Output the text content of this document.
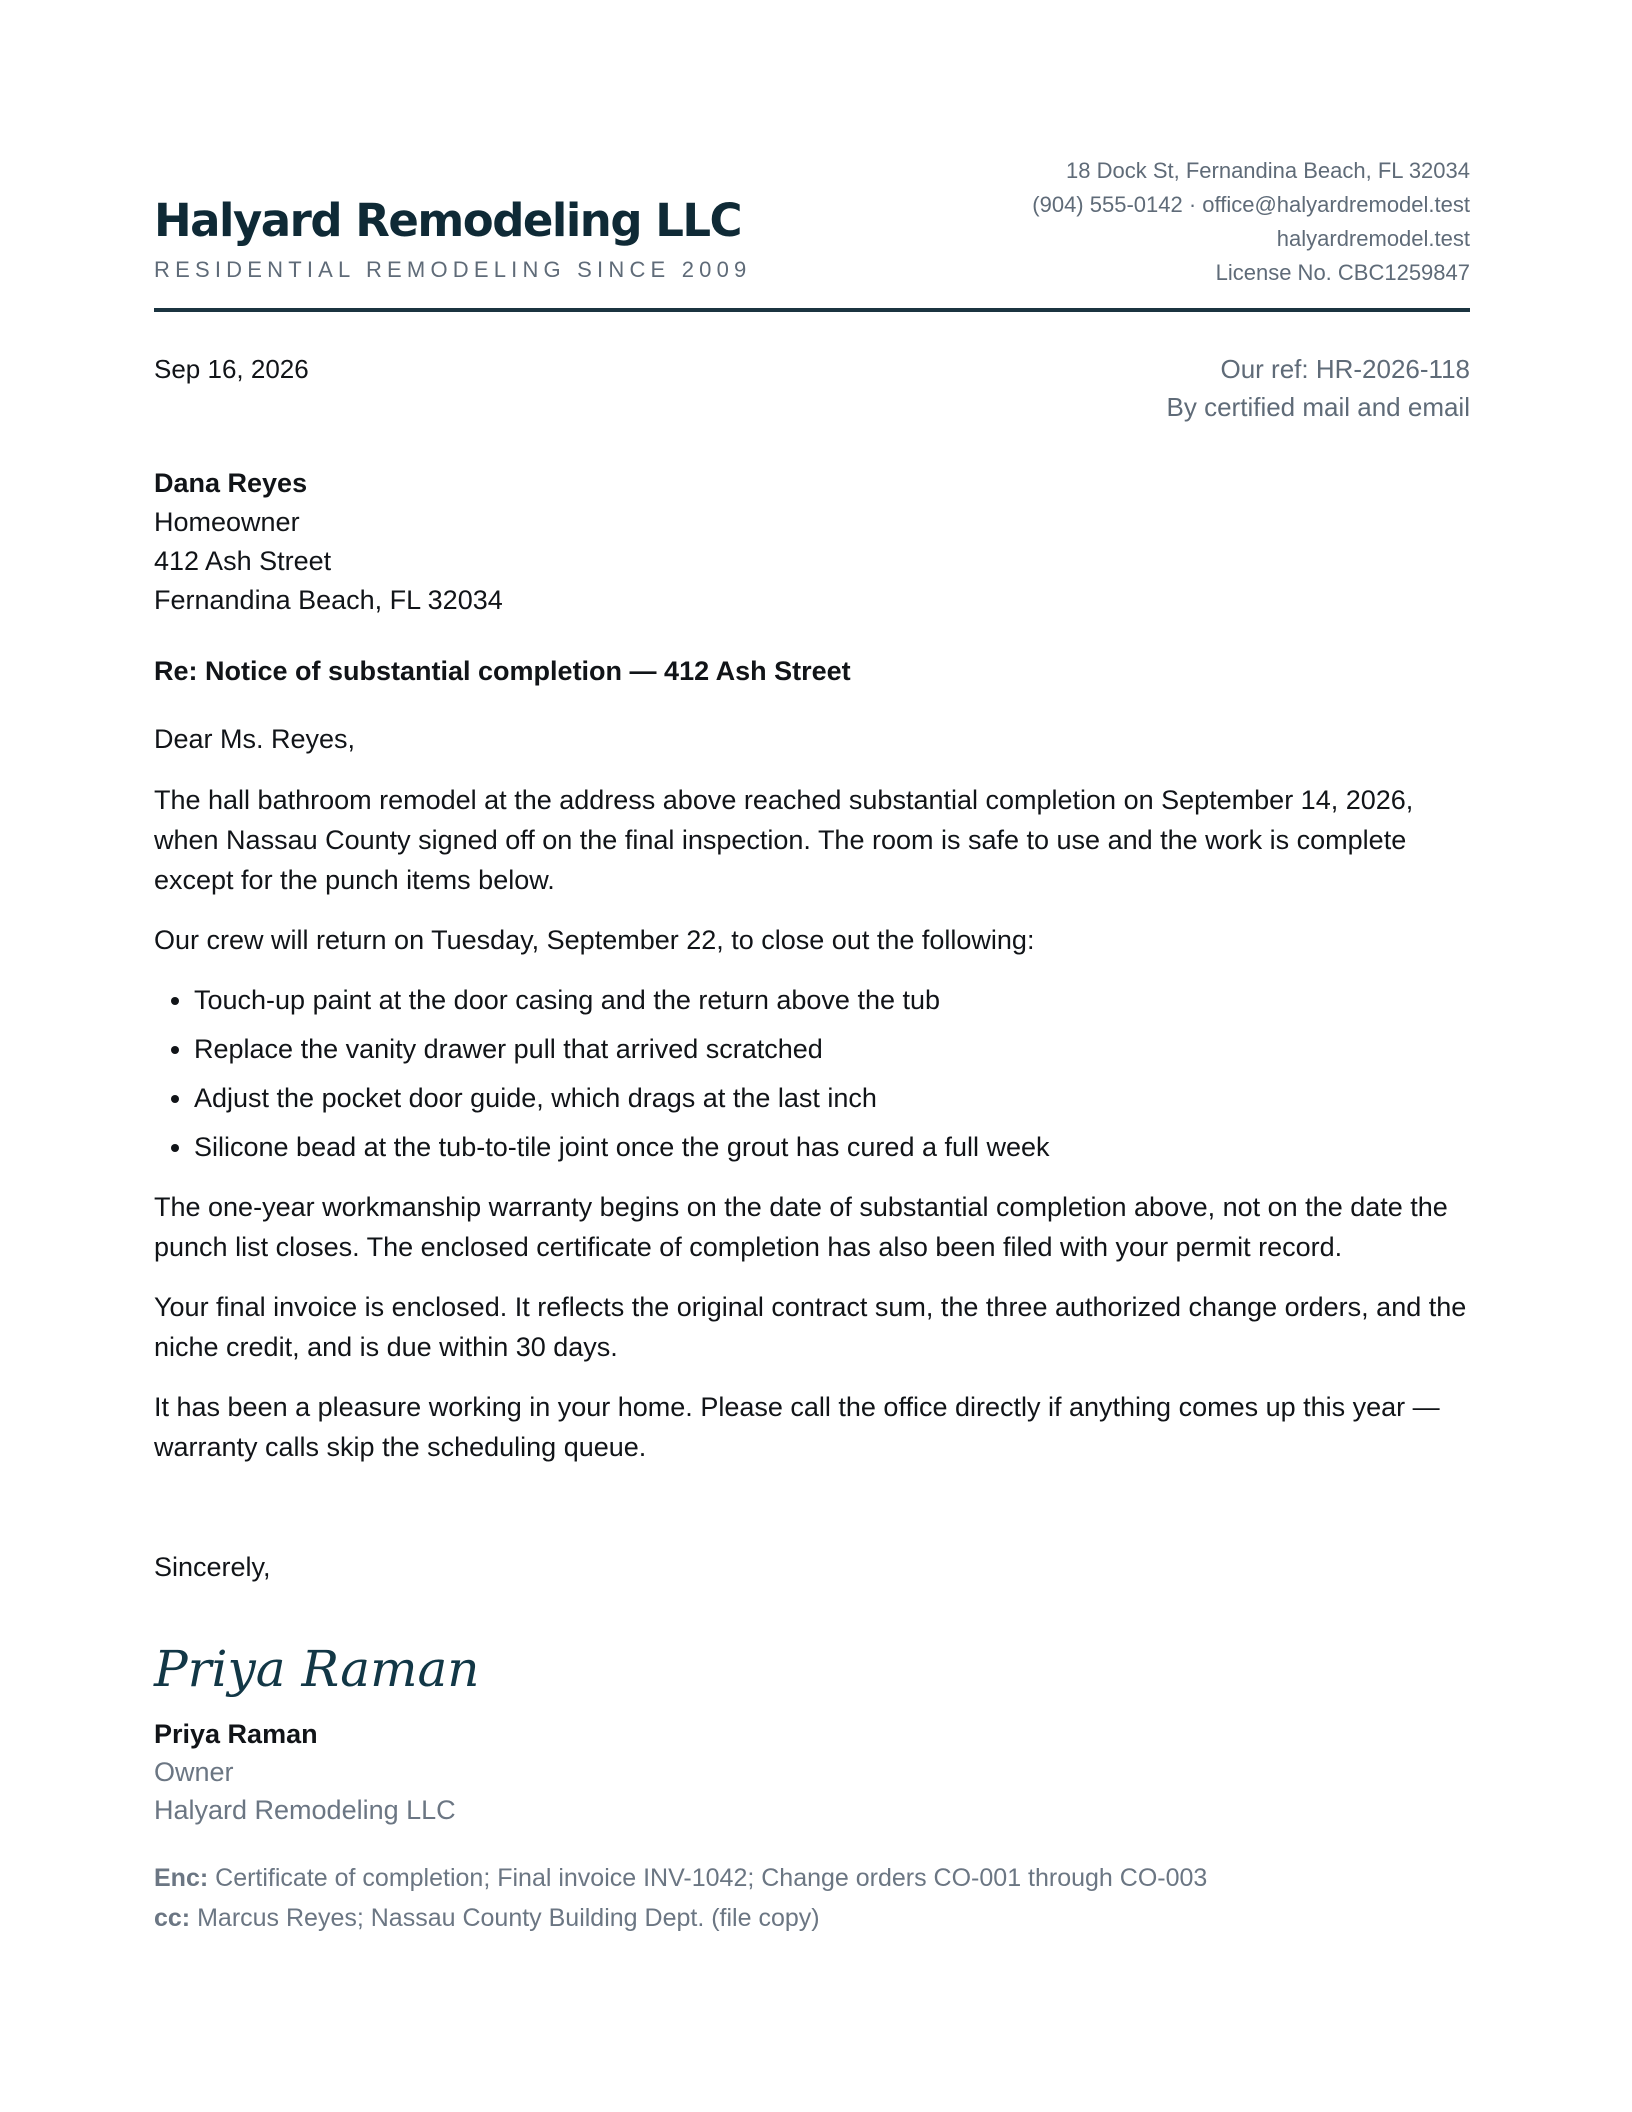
Halyard Remodeling LLC
RESIDENTIAL REMODELING SINCE 2009
18 Dock St, Fernandina Beach, FL 32034
(904) 555-0142 · office@halyardremodel.test
halyardremodel.test
License No. CBC1259847
Sep 16, 2026	Our ref: HR-2026-118
By certified mail and email
Dana Reyes
Homeowner
412 Ash Street
Fernandina Beach, FL 32034
Re: Notice of substantial completion — 412 Ash Street
Dear Ms. Reyes,

The hall bathroom remodel at the address above reached substantial completion on September 14, 2026, when Nassau County signed off on the final inspection. The room is safe to use and the work is complete except for the punch items below.

Our crew will return on Tuesday, September 22, to close out the following:

• Touch-up paint at the door casing and the return above the tub
• Replace the vanity drawer pull that arrived scratched
• Adjust the pocket door guide, which drags at the last inch
• Silicone bead at the tub-to-tile joint once the grout has cured a full week

The one-year workmanship warranty begins on the date of substantial completion above, not on the date the punch list closes. The enclosed certificate of completion has also been filed with your permit record.

Your final invoice is enclosed. It reflects the original contract sum, the three authorized change orders, and the niche credit, and is due within 30 days.

It has been a pleasure working in your home. Please call the office directly if anything comes up this year — warranty calls skip the scheduling queue.

Sincerely,
Priya Raman
Priya Raman
Owner
Halyard Remodeling LLC
Enc: Certificate of completion; Final invoice INV-1042; Change orders CO-001 through CO-003
cc: Marcus Reyes; Nassau County Building Dept. (file copy)
